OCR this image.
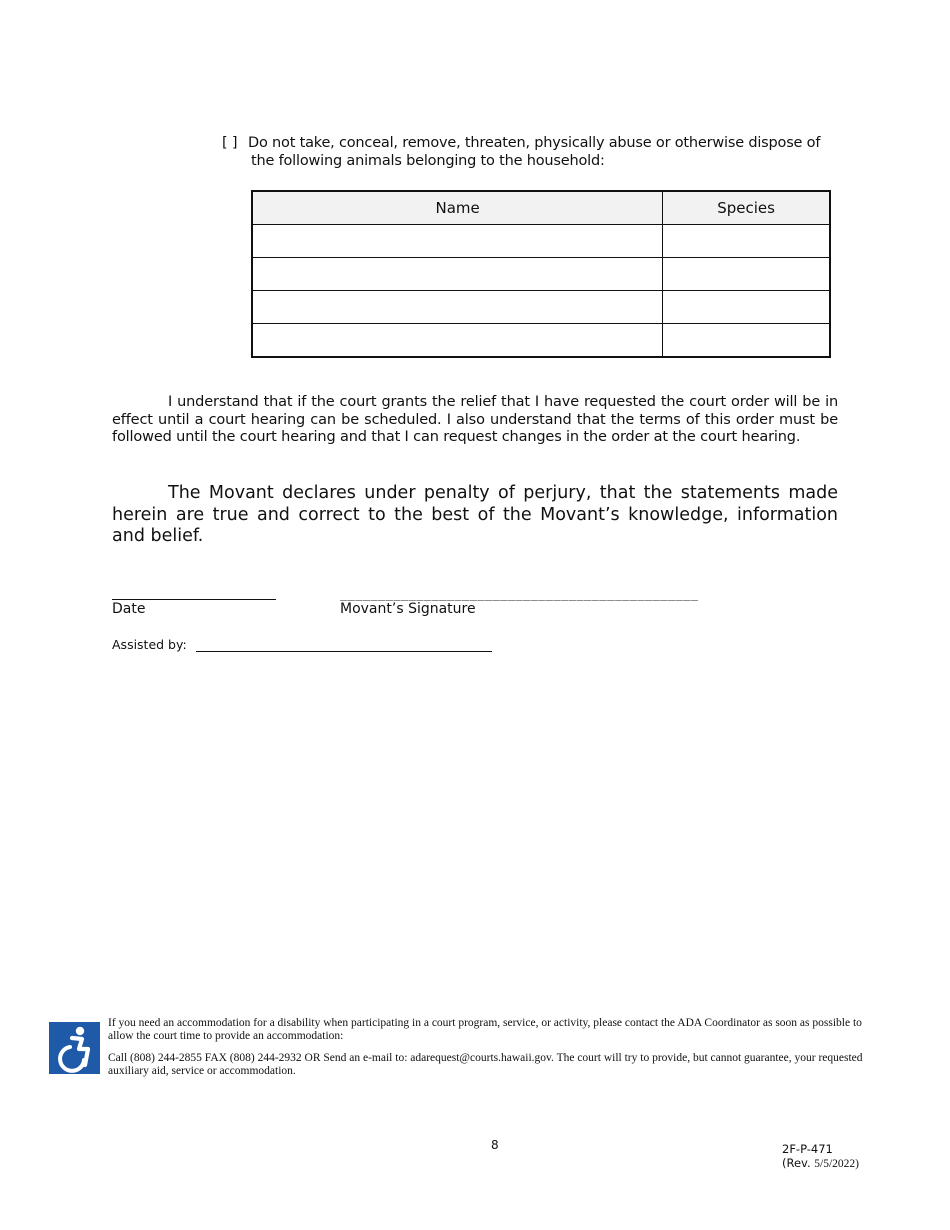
[ ] Do not take, conceal, remove, threaten, physically abuse or otherwise dispose of
the following animals belonging to the household:
Name	Species

I understand that if the court grants the relief that I have requested the court order will be in effect until a court hearing can be scheduled. I also understand that the terms of this order must be followed until the court hearing and that I can request changes in the order at the court hearing.
The Movant declares under penalty of perjury, that the statements made herein are true and correct to the best of the Movant’s knowledge, information and belief.
_______________________________________________
Date	Movant’s Signature
Assisted by:

If you need an accommodation for a disability when participating in a court program, service, or activity, please contact the ADA Coordinator as soon as possible to allow the court time to provide an accommodation:

Call (808) 244-2855 FAX (808) 244-2932 OR Send an e-mail to: adarequest@courts.hawaii.gov. The court will try to provide, but cannot guarantee, your requested auxiliary aid, service or accommodation.

8	2F-P-471
(Rev. 5/5/2022)
